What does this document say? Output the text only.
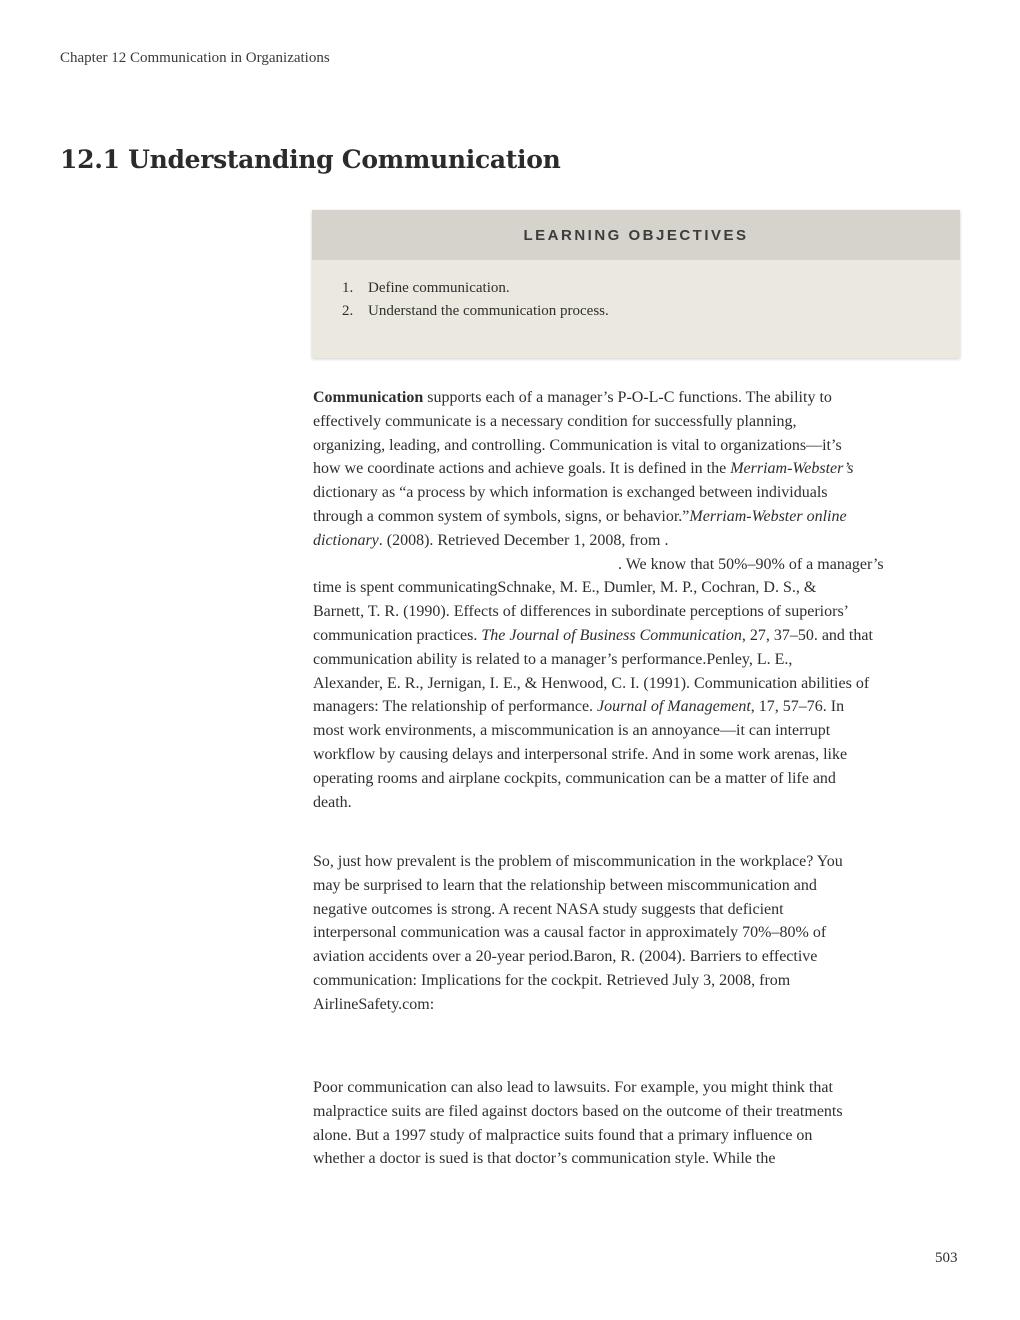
Chapter 12 Communication in Organizations
12.1 Understanding Communication
LEARNING OBJECTIVES
1. Define communication.
2. Understand the communication process.
Communication supports each of a manager’s P-O-L-C functions. The ability to
effectively communicate is a necessary condition for successfully planning,
organizing, leading, and controlling. Communication is vital to organizations—it’s
how we coordinate actions and achieve goals. It is defined in the Merriam-Webster’s
dictionary as “a process by which information is exchanged between individuals
through a common system of symbols, signs, or behavior.”Merriam-Webster online
dictionary. (2008). Retrieved December 1, 2008, from .
. We know that 50%–90% of a manager’s
time is spent communicatingSchnake, M. E., Dumler, M. P., Cochran, D. S., &
Barnett, T. R. (1990). Effects of differences in subordinate perceptions of superiors’
communication practices. The Journal of Business Communication, 27, 37–50. and that
communication ability is related to a manager’s performance.Penley, L. E.,
Alexander, E. R., Jernigan, I. E., & Henwood, C. I. (1991). Communication abilities of
managers: The relationship of performance. Journal of Management, 17, 57–76. In
most work environments, a miscommunication is an annoyance—it can interrupt
workflow by causing delays and interpersonal strife. And in some work arenas, like
operating rooms and airplane cockpits, communication can be a matter of life and
death.
So, just how prevalent is the problem of miscommunication in the workplace? You
may be surprised to learn that the relationship between miscommunication and
negative outcomes is strong. A recent NASA study suggests that deficient
interpersonal communication was a causal factor in approximately 70%–80% of
aviation accidents over a 20-year period.Baron, R. (2004). Barriers to effective
communication: Implications for the cockpit. Retrieved July 3, 2008, from
AirlineSafety.com:
Poor communication can also lead to lawsuits. For example, you might think that
malpractice suits are filed against doctors based on the outcome of their treatments
alone. But a 1997 study of malpractice suits found that a primary influence on
whether a doctor is sued is that doctor’s communication style. While the
503
